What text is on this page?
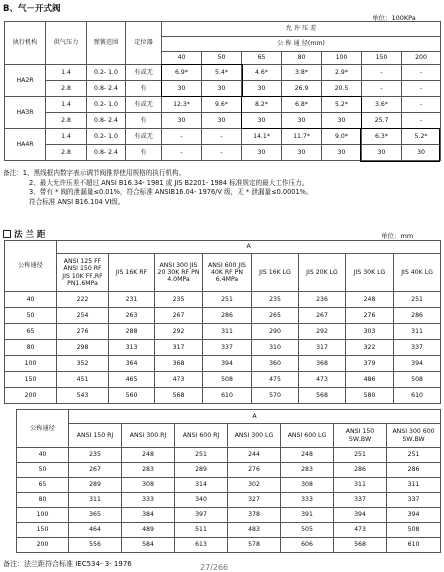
B、气－开式阀
单位：100KPa
执行机构	供气压力	弹簧范围	定位器	允 许 压 差						
				公 称 通 径(mm)						
				40	50	65	80	100	150	200
HA2R	1.4	0.2- 1.0	有或无	6.9*	5.4*	4.6*	3.8*	2.9*	-	-
	2.8	0.8- 2.4	有	30	30	30	26.9	20.5	-	-
HA3R	1.4	0.2- 1.0	有或无	12.3*	9.6*	8.2*	6.8*	5.2*	3.6*	-
	2.8	0.8- 2.4	有	30	30	30	30	30	25.7	-
HA4R	1.4	0.2- 1.0	有或无	-	-	14.1*	11.7*	9.0*	6.3*	5.2*
	2.8	0.8- 2.4	有	-	-	30	30	30	30	30
备注：1、黑线框内数字表示调节阀推荐使用规格的执行机构。
2、最大允许压差不超过 ANSI B16.34- 1981 或 JIS B2201- 1984 标准规定的最大工作压力。
3、带有 * 阀的泄漏量≤0.01%，符合标准 ANSIB16.04- 1976/V 级，无 * 泄漏量≤0.0001%。
符合标准 ANSI B16.104 VI级。
法 兰 距	单位：mm
公称通径	A							
	ANSI 125 FF ANSI 150 RF JIS 10K FF,RF PN1.6MPa	JIS 16K RF	ANSI 300 JIS 20 30K RF PN 4.0MPa	ANSI 600 JIS 40K RF PN 6.4MPa	JIS 16K LG	JIS 20K LG	JIS 30K LG	JIS 40K LG
40	222	231	235	251	235	236	248	251
50	254	263	267	286	265	267	276	286
65	276	288	292	311	290	292	303	311
80	298	313	317	337	310	317	322	337
100	352	364	368	394	360	368	379	394
150	451	465	473	508	475	473	486	508
200	543	560	568	610	570	568	580	610
公称通径	A						
	ANSI 150 RJ	ANSI 300 RJ	ANSI 600 RJ	ANSI 300 LG	ANSI 600 LG	ANSI 150 SW,BW	ANSI 300 600 SW,BW
40	235	248	251	244	248	251	251
50	267	283	289	276	283	286	286
65	289	308	314	302	308	311	311
80	311	333	340	327	333	337	337
100	365	384	397	378	391	394	394
150	464	489	511	483	505	473	508
200	556	584	613	578	606	568	610
备注：法兰距符合标准 IEC534- 3- 1976	27/266
